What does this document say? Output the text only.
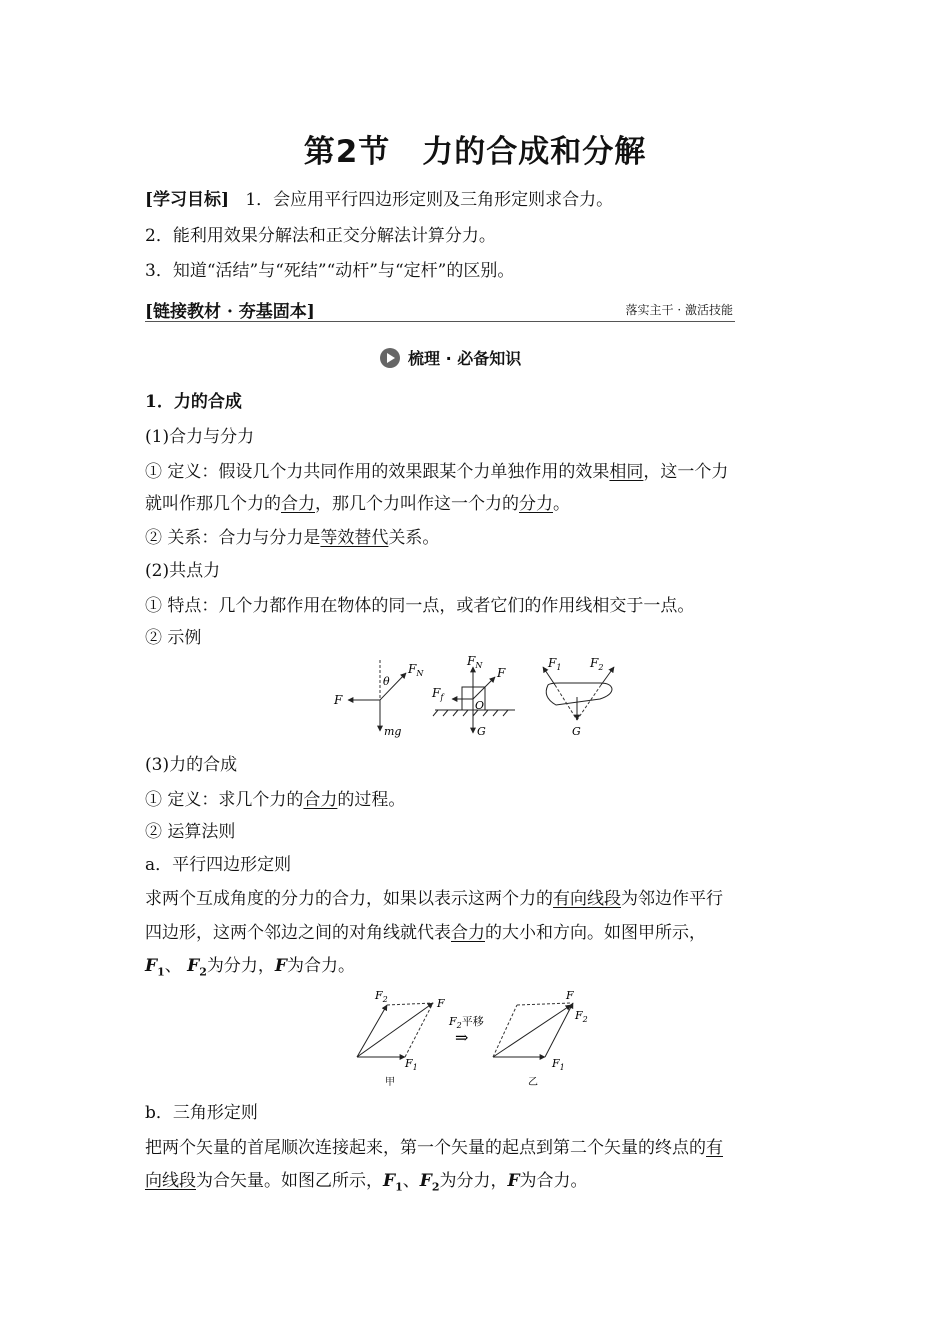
第2节　力的合成和分解
[学习目标] 1．会应用平行四边形定则及三角形定则求合力。
2．能利用效果分解法和正交分解法计算分力。
3．知道“活结”与“死结”“动杆”与“定杆”的区别。
[链接教材 · 夯基固本]	落实主干 · 激活技能
梳理 · 必备知识
1．力的合成
(1)合力与分力
① 定义：假设几个力共同作用的效果跟某个力单独作用的效果相同，这一个力
就叫作那几个力的合力，那几个力叫作这一个力的分力。
② 关系：合力与分力是等效替代关系。
(2)共点力
① 特点：几个力都作用在物体的同一点，或者它们的作用线相交于一点。
② 示例
F
$F_N$
θ
mg
$F_N$
F
$F_f$
O
G
$F_1$ $F_2$
G
(3)力的合成
① 定义：求几个力的合力的过程。
② 运算法则
a．平行四边形定则
求两个互成角度的分力的合力，如果以表示这两个力的有向线段为邻边作平行
四边形，这两个邻边之间的对角线就代表合力的大小和方向。如图甲所示，
$F_1$、 $F_2$为分力，F为合力。
$F_2$	F
$F_1$
甲
$F_2$平移
⇒
F
$F_2$
$F_1$
乙
b．三角形定则
把两个矢量的首尾顺次连接起来，第一个矢量的起点到第二个矢量的终点的有
向线段为合矢量。如图乙所示，$F_1$、$F_2$为分力，F为合力。
